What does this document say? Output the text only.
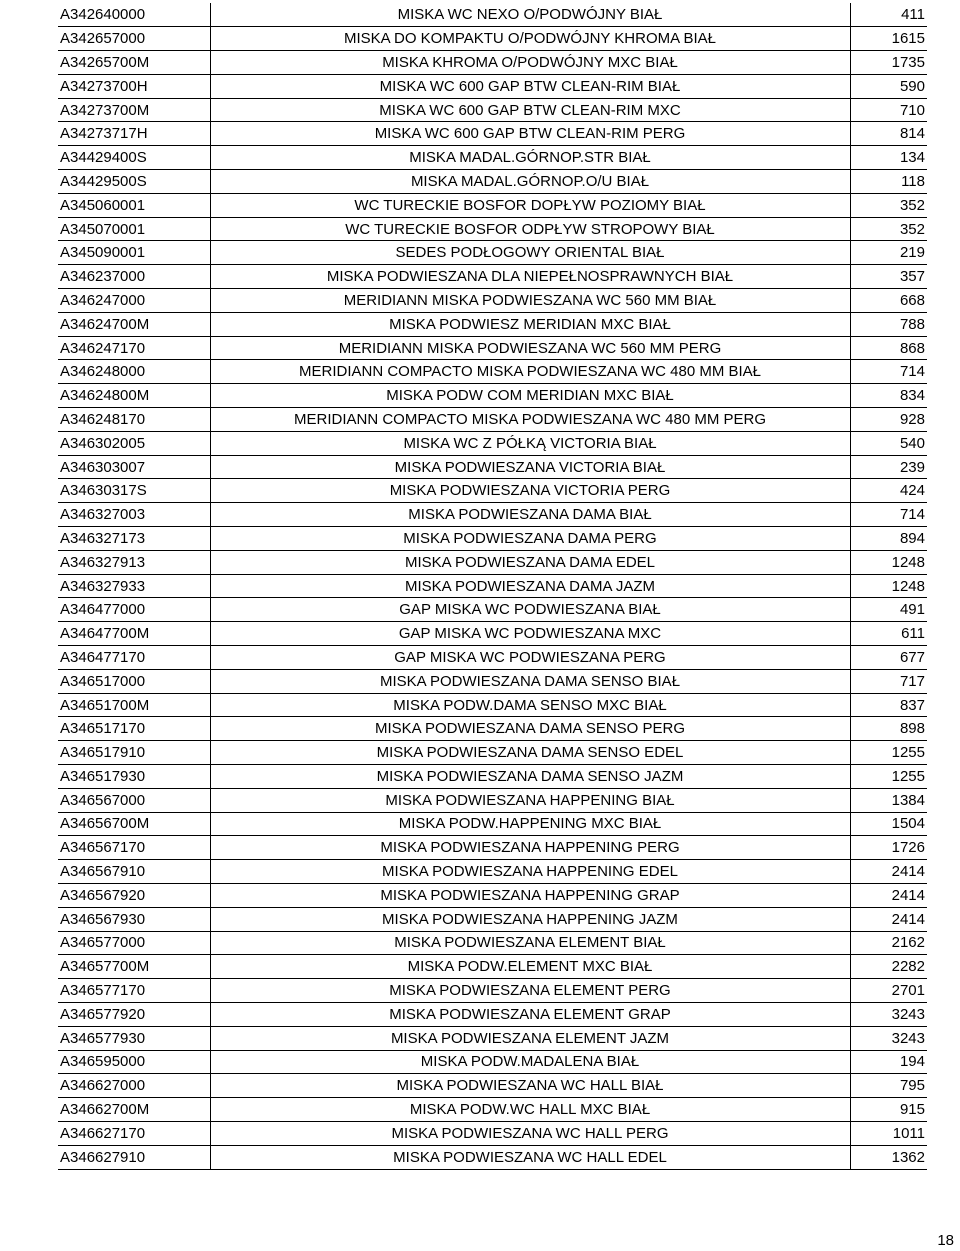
A342640000	MISKA WC NEXO O/PODWÓJNY BIAŁ	411
A342657000	MISKA DO KOMPAKTU O/PODWÓJNY KHROMA BIAŁ	1615
A34265700M	MISKA KHROMA O/PODWÓJNY MXC BIAŁ	1735
A34273700H	MISKA WC 600 GAP BTW CLEAN-RIM BIAŁ	590
A34273700M	MISKA WC 600 GAP BTW CLEAN-RIM MXC	710
A34273717H	MISKA WC 600 GAP BTW CLEAN-RIM PERG	814
A34429400S	MISKA MADAL.GÓRNOP.STR BIAŁ	134
A34429500S	MISKA MADAL.GÓRNOP.O/U BIAŁ	118
A345060001	WC TURECKIE BOSFOR DOPŁYW POZIOMY BIAŁ	352
A345070001	WC TURECKIE BOSFOR ODPŁYW STROPOWY BIAŁ	352
A345090001	SEDES PODŁOGOWY ORIENTAL BIAŁ	219
A346237000	MISKA PODWIESZANA DLA NIEPEŁNOSPRAWNYCH BIAŁ	357
A346247000	MERIDIANN MISKA PODWIESZANA WC 560 MM BIAŁ	668
A34624700M	MISKA PODWIESZ MERIDIAN MXC BIAŁ	788
A346247170	MERIDIANN MISKA PODWIESZANA WC 560 MM PERG	868
A346248000	MERIDIANN COMPACTO MISKA PODWIESZANA WC 480 MM BIAŁ	714
A34624800M	MISKA PODW COM MERIDIAN MXC BIAŁ	834
A346248170	MERIDIANN COMPACTO MISKA PODWIESZANA WC 480 MM PERG	928
A346302005	MISKA WC Z PÓŁKĄ VICTORIA BIAŁ	540
A346303007	MISKA PODWIESZANA VICTORIA BIAŁ	239
A34630317S	MISKA PODWIESZANA VICTORIA PERG	424
A346327003	MISKA PODWIESZANA DAMA BIAŁ	714
A346327173	MISKA PODWIESZANA DAMA PERG	894
A346327913	MISKA PODWIESZANA DAMA EDEL	1248
A346327933	MISKA PODWIESZANA DAMA JAZM	1248
A346477000	GAP MISKA WC PODWIESZANA BIAŁ	491
A34647700M	GAP MISKA WC PODWIESZANA MXC	611
A346477170	GAP MISKA WC PODWIESZANA PERG	677
A346517000	MISKA PODWIESZANA DAMA SENSO BIAŁ	717
A34651700M	MISKA PODW.DAMA SENSO MXC BIAŁ	837
A346517170	MISKA PODWIESZANA DAMA SENSO PERG	898
A346517910	MISKA PODWIESZANA DAMA SENSO EDEL	1255
A346517930	MISKA PODWIESZANA DAMA SENSO JAZM	1255
A346567000	MISKA PODWIESZANA HAPPENING BIAŁ	1384
A34656700M	MISKA PODW.HAPPENING MXC BIAŁ	1504
A346567170	MISKA PODWIESZANA HAPPENING PERG	1726
A346567910	MISKA PODWIESZANA HAPPENING EDEL	2414
A346567920	MISKA PODWIESZANA HAPPENING GRAP	2414
A346567930	MISKA PODWIESZANA HAPPENING JAZM	2414
A346577000	MISKA PODWIESZANA ELEMENT BIAŁ	2162
A34657700M	MISKA PODW.ELEMENT MXC BIAŁ	2282
A346577170	MISKA PODWIESZANA ELEMENT PERG	2701
A346577920	MISKA PODWIESZANA ELEMENT GRAP	3243
A346577930	MISKA PODWIESZANA ELEMENT JAZM	3243
A346595000	MISKA PODW.MADALENA BIAŁ	194
A346627000	MISKA PODWIESZANA WC HALL BIAŁ	795
A34662700M	MISKA PODW.WC HALL MXC BIAŁ	915
A346627170	MISKA PODWIESZANA WC HALL PERG	1011
A346627910	MISKA PODWIESZANA WC HALL EDEL	1362
18
